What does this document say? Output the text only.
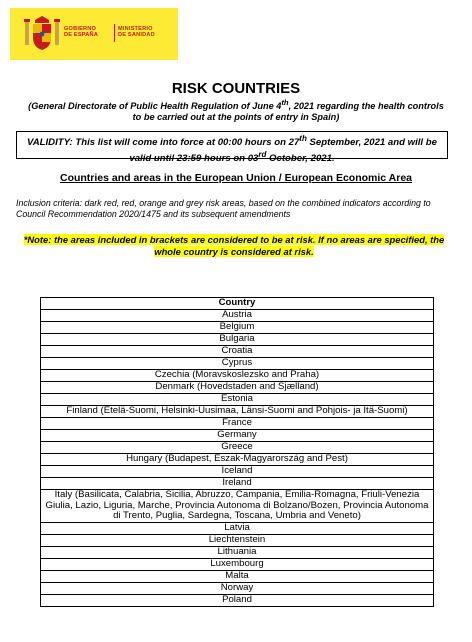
GOBIERNO
DE ESPAÑA
MINISTERIO
DE SANIDAD
RISK COUNTRIES
(General Directorate of Public Health Regulation of June 4th, 2021 regarding the health controls to be carried out at the points of entry in Spain)
VALIDITY: This list will come into force at 00:00 hours on 27th September, 2021 and will be valid until 23:59 hours on 03rd October, 2021.
Countries and areas in the European Union / European Economic Area
Inclusion criteria: dark red, red, orange and grey risk areas, based on the combined indicators according to Council Recommendation 2020/1475 and its subsequent amendments
*Note: the areas included in brackets are considered to be at risk. If no areas are specified, the whole country is considered at risk.
Country
Austria
Belgium
Bulgaria
Croatia
Cyprus
Czechia (Moravskoslezsko and Praha)
Denmark (Hovedstaden and Sjælland)
Estonia
Finland (Etelä-Suomi, Helsinki-Uusimaa, Länsi-Suomi and Pohjois- ja Itä-Suomi)
France
Germany
Greece
Hungary (Budapest, Észak-Magyarország and Pest)
Iceland
Ireland
Italy (Basilicata, Calabria, Sicilia, Abruzzo, Campania, Emilia-Romagna, Friuli-Venezia Giulia, Lazio, Liguria, Marche, Provincia Autonoma di Bolzano/Bozen, Provincia Autonoma di Trento, Puglia, Sardegna, Toscana, Umbria and Veneto)
Latvia
Liechtenstein
Lithuania
Luxembourg
Malta
Norway
Poland
